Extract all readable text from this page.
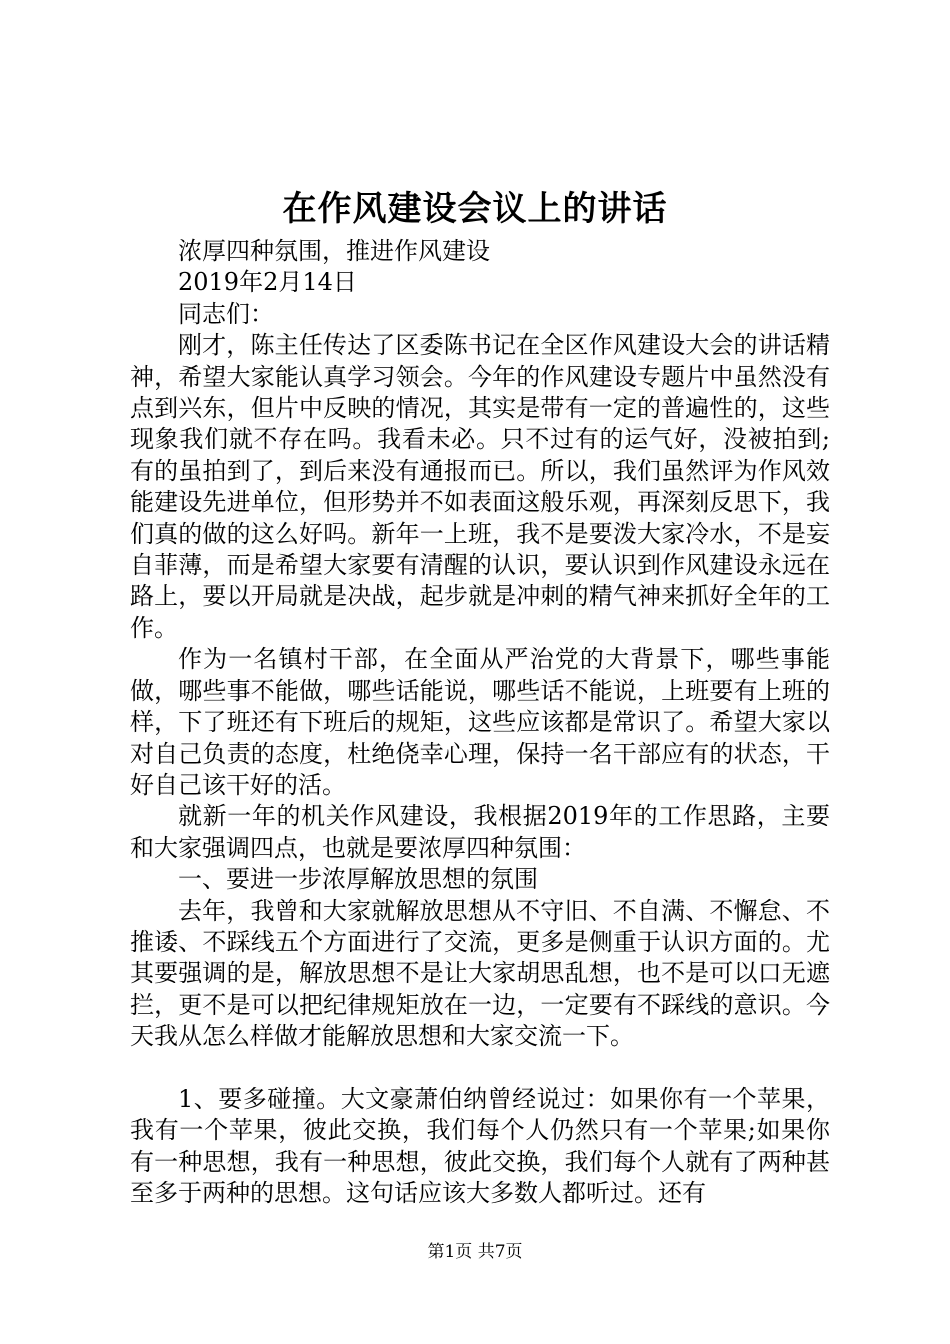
在作风建设会议上的讲话

浓厚四种氛围，推进作风建设

2019年2月14日

同志们：

刚才，陈主任传达了区委陈书记在全区作风建设大会的讲话精神，希望大家能认真学习领会。今年的作风建设专题片中虽然没有点到兴东，但片中反映的情况，其实是带有一定的普遍性的，这些现象我们就不存在吗。我看未必。只不过有的运气好，没被拍到;有的虽拍到了，到后来没有通报而已。所以，我们虽然评为作风效能建设先进单位，但形势并不如表面这般乐观，再深刻反思下，我们真的做的这么好吗。新年一上班，我不是要泼大家冷水，不是妄自菲薄，而是希望大家要有清醒的认识，要认识到作风建设永远在路上，要以开局就是决战，起步就是冲刺的精气神来抓好全年的工作。

作为一名镇村干部，在全面从严治党的大背景下，哪些事能做，哪些事不能做，哪些话能说，哪些话不能说，上班要有上班的样，下了班还有下班后的规矩，这些应该都是常识了。希望大家以对自己负责的态度，杜绝侥幸心理，保持一名干部应有的状态，干好自己该干好的活。

就新一年的机关作风建设，我根据2019年的工作思路，主要和大家强调四点，也就是要浓厚四种氛围：

一、要进一步浓厚解放思想的氛围

去年，我曾和大家就解放思想从不守旧、不自满、不懈怠、不推诿、不踩线五个方面进行了交流，更多是侧重于认识方面的。尤其要强调的是，解放思想不是让大家胡思乱想，也不是可以口无遮拦，更不是可以把纪律规矩放在一边，一定要有不踩线的意识。今天我从怎么样做才能解放思想和大家交流一下。

1、要多碰撞。大文豪萧伯纳曾经说过：如果你有一个苹果，我有一个苹果，彼此交换，我们每个人仍然只有一个苹果;如果你有一种思想，我有一种思想，彼此交换，我们每个人就有了两种甚至多于两种的思想。这句话应该大多数人都听过。还有

第1页 共7页
